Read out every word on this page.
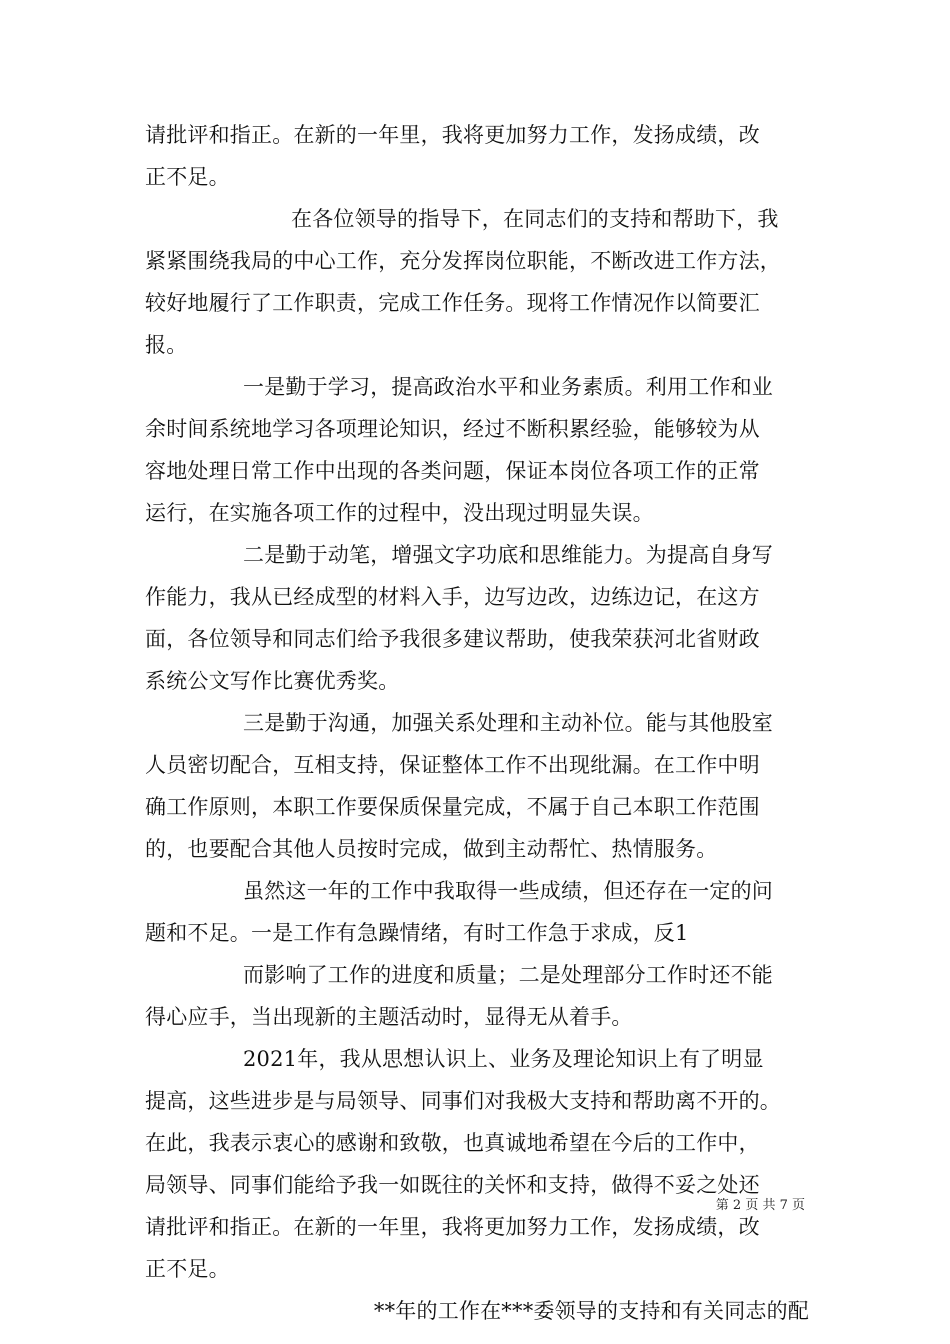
请批评和指正。在新的一年里，我将更加努力工作，发扬成绩，改
正不足。
在各位领导的指导下，在同志们的支持和帮助下，我
紧紧围绕我局的中心工作，充分发挥岗位职能，不断改进工作方法，
较好地履行了工作职责，完成工作任务。现将工作情况作以简要汇
报。
一是勤于学习，提高政治水平和业务素质。利用工作和业
余时间系统地学习各项理论知识，经过不断积累经验，能够较为从
容地处理日常工作中出现的各类问题，保证本岗位各项工作的正常
运行，在实施各项工作的过程中，没出现过明显失误。
二是勤于动笔，增强文字功底和思维能力。为提高自身写
作能力，我从已经成型的材料入手，边写边改，边练边记，在这方
面，各位领导和同志们给予我很多建议帮助，使我荣获河北省财政
系统公文写作比赛优秀奖。
三是勤于沟通，加强关系处理和主动补位。能与其他股室
人员密切配合，互相支持，保证整体工作不出现纰漏。在工作中明
确工作原则，本职工作要保质保量完成，不属于自己本职工作范围
的，也要配合其他人员按时完成，做到主动帮忙、热情服务。
虽然这一年的工作中我取得一些成绩，但还存在一定的问
题和不足。一是工作有急躁情绪，有时工作急于求成，反1
而影响了工作的进度和质量；二是处理部分工作时还不能
得心应手，当出现新的主题活动时，显得无从着手。
2021年，我从思想认识上、业务及理论知识上有了明显
提高，这些进步是与局领导、同事们对我极大支持和帮助离不开的。
在此，我表示衷心的感谢和致敬，也真诚地希望在今后的工作中，
局领导、同事们能给予我一如既往的关怀和支持，做得不妥之处还
请批评和指正。在新的一年里，我将更加努力工作，发扬成绩，改
正不足。
**年的工作在***委领导的支持和有关同志的配
第 2 页 共 7 页
